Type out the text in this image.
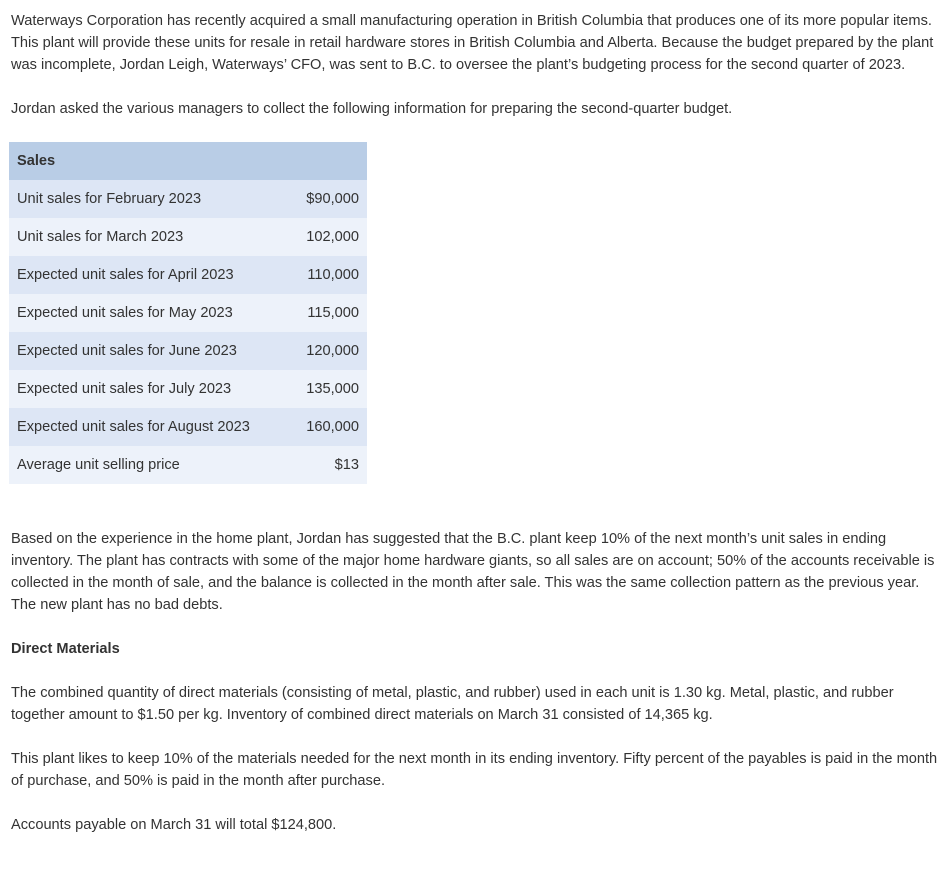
Waterways Corporation has recently acquired a small manufacturing operation in British Columbia that produces one of its more popular items. This plant will provide these units for resale in retail hardware stores in British Columbia and Alberta. Because the budget prepared by the plant was incomplete, Jordan Leigh, Waterways’ CFO, was sent to B.C. to oversee the plant’s budgeting process for the second quarter of 2023.

Jordan asked the various managers to collect the following information for preparing the second-quarter budget.

Sales	
Unit sales for February 2023	$90,000
Unit sales for March 2023	102,000
Expected unit sales for April 2023	110,000
Expected unit sales for May 2023	115,000
Expected unit sales for June 2023	120,000
Expected unit sales for July 2023	135,000
Expected unit sales for August 2023	160,000
Average unit selling price	$13

Based on the experience in the home plant, Jordan has suggested that the B.C. plant keep 10% of the next month’s unit sales in ending inventory. The plant has contracts with some of the major home hardware giants, so all sales are on account; 50% of the accounts receivable is collected in the month of sale, and the balance is collected in the month after sale. This was the same collection pattern as the previous year. The new plant has no bad debts.

Direct Materials

The combined quantity of direct materials (consisting of metal, plastic, and rubber) used in each unit is 1.30 kg. Metal, plastic, and rubber together amount to $1.50 per kg. Inventory of combined direct materials on March 31 consisted of 14,365 kg.

This plant likes to keep 10% of the materials needed for the next month in its ending inventory. Fifty percent of the payables is paid in the month of purchase, and 50% is paid in the month after purchase.

Accounts payable on March 31 will total $124,800.
